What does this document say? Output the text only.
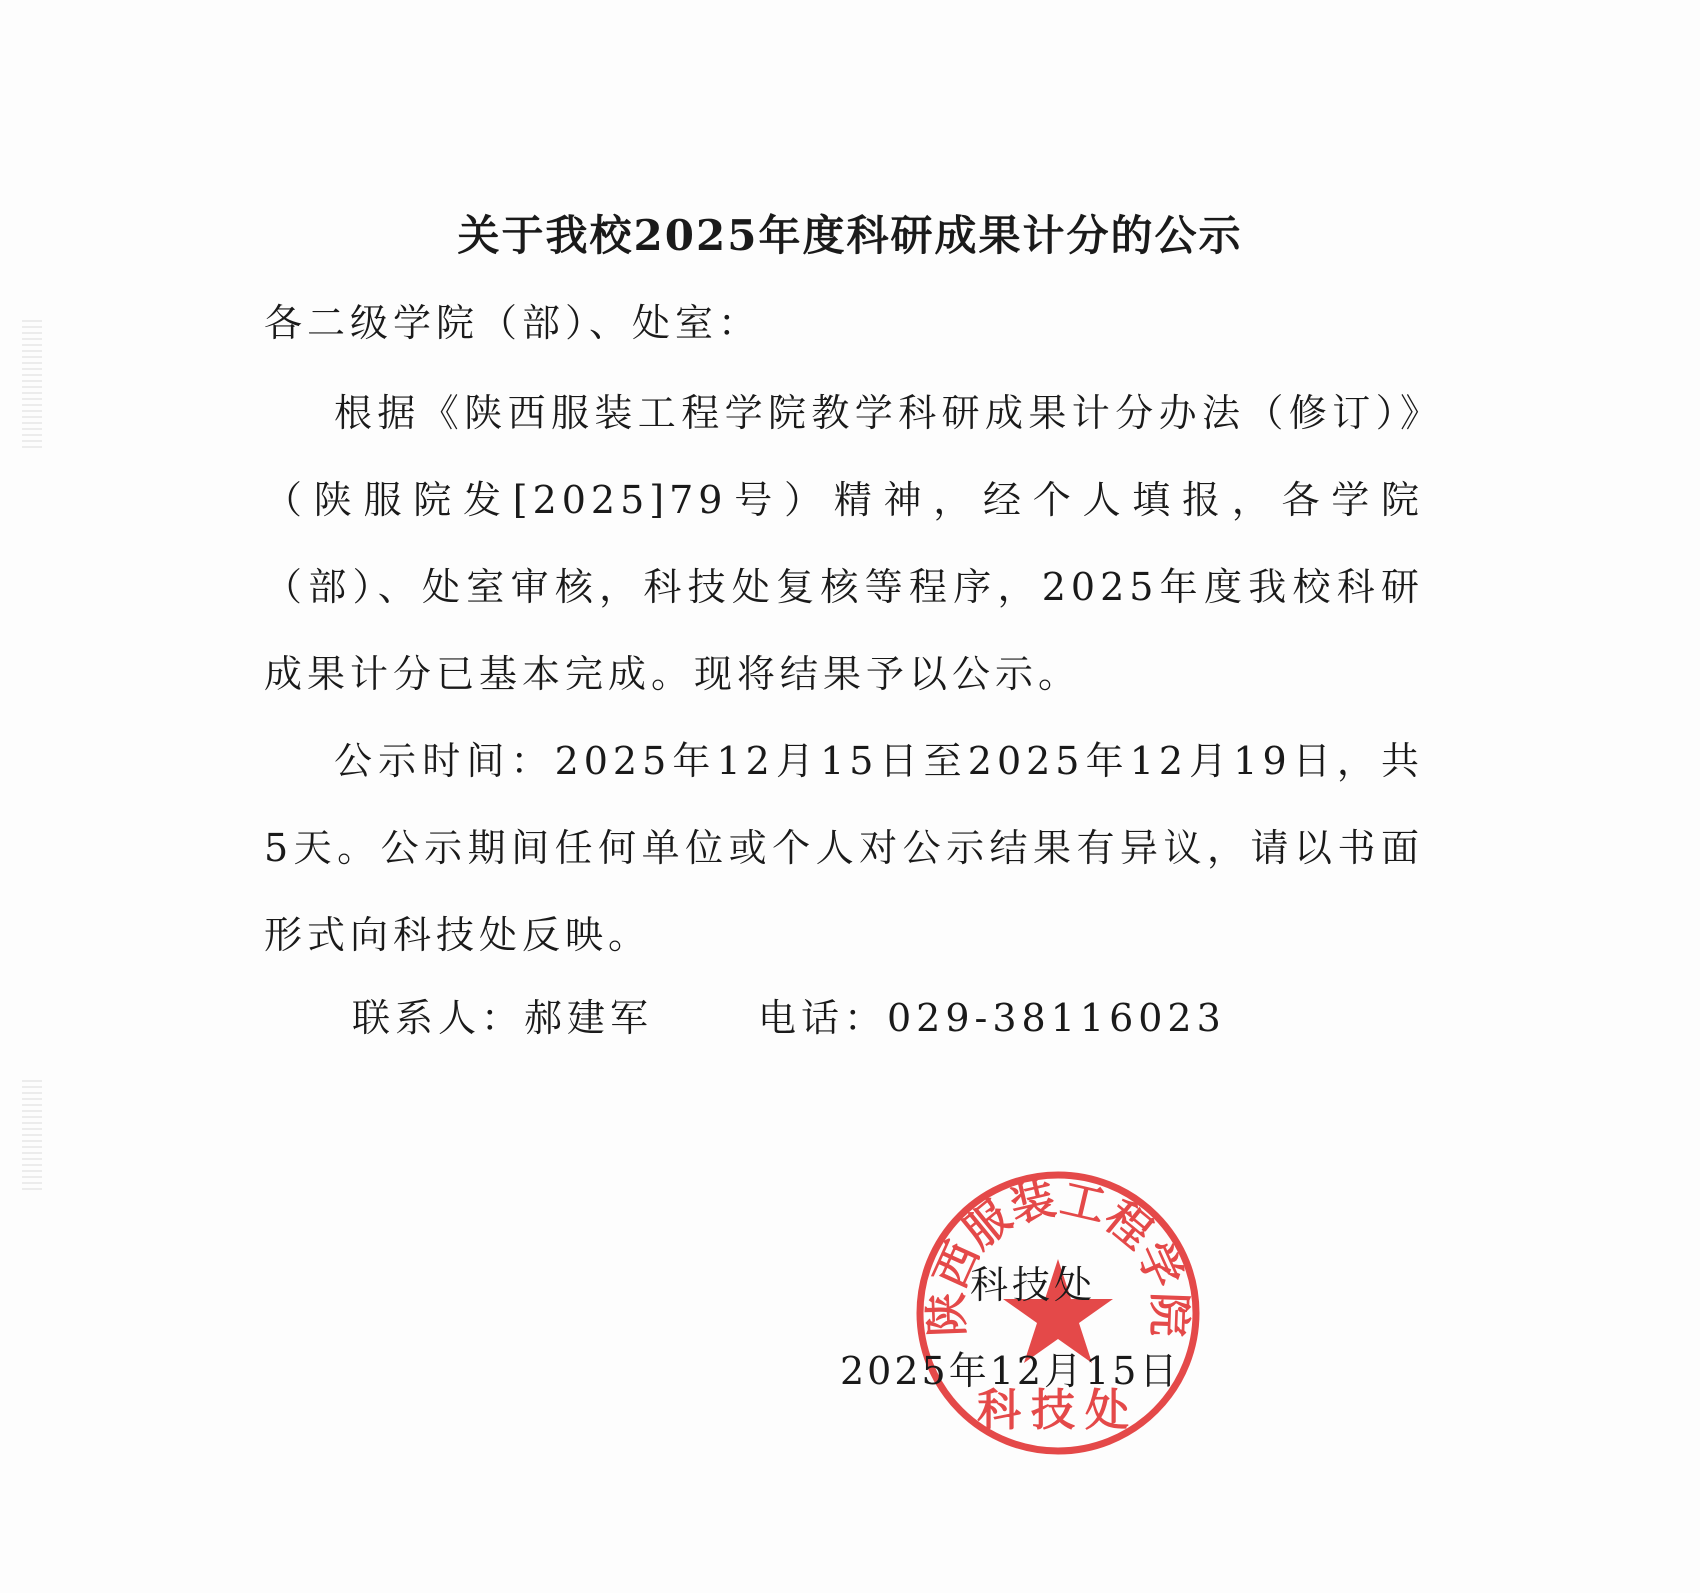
关于我校2025年度科研成果计分的公示
各二级学院（部）、处室：

根据《陕西服装工程学院教学科研成果计分办法（修订）》（陕服院发[2025]79号）精神，经个人填报，各学院（部）、处室审核，科技处复核等程序，2025年度我校科研成果计分已基本完成。现将结果予以公示。

公示时间：2025年12月15日至2025年12月19日，共5天。公示期间任何单位或个人对公示结果有异议，请以书面形式向科技处反映。

联系人：郝建军	电话：029-38116023
陕西服装工程学院
科技处
科技处
2025年12月15日
